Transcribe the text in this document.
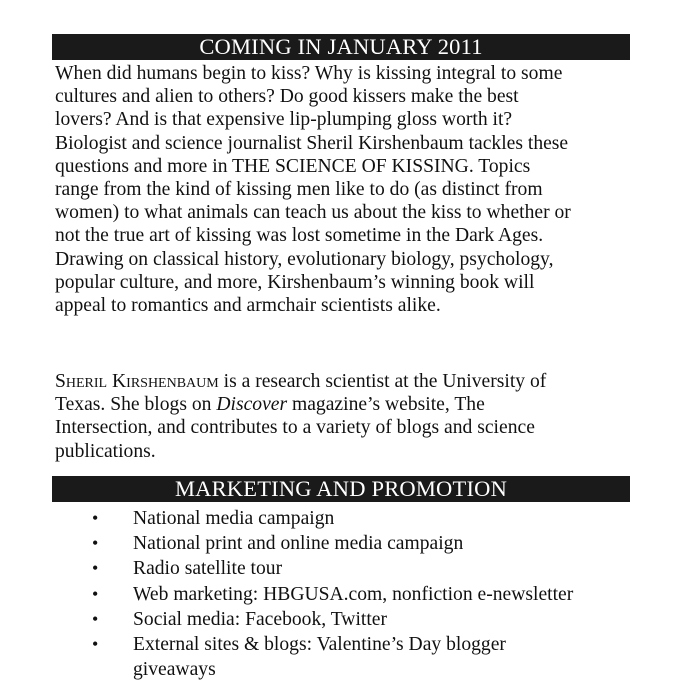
COMING IN JANUARY 2011

When did humans begin to kiss? Why is kissing integral to some
cultures and alien to others? Do good kissers make the best
lovers? And is that expensive lip-plumping gloss worth it?
Biologist and science journalist Sheril Kirshenbaum tackles these
questions and more in THE SCIENCE OF KISSING. Topics
range from the kind of kissing men like to do (as distinct from
women) to what animals can teach us about the kiss to whether or
not the true art of kissing was lost sometime in the Dark Ages.
Drawing on classical history, evolutionary biology, psychology,
popular culture, and more, Kirshenbaum’s winning book will
appeal to romantics and armchair scientists alike.

Sheril Kirshenbaum is a research scientist at the University of
Texas. She blogs on Discover magazine’s website, The
Intersection, and contributes to a variety of blogs and science
publications.

MARKETING AND PROMOTION
• National media campaign
• National print and online media campaign
• Radio satellite tour
• Web marketing: HBGUSA.com, nonfiction e-newsletter
• Social media: Facebook, Twitter
• External sites & blogs: Valentine’s Day blogger
giveaways
